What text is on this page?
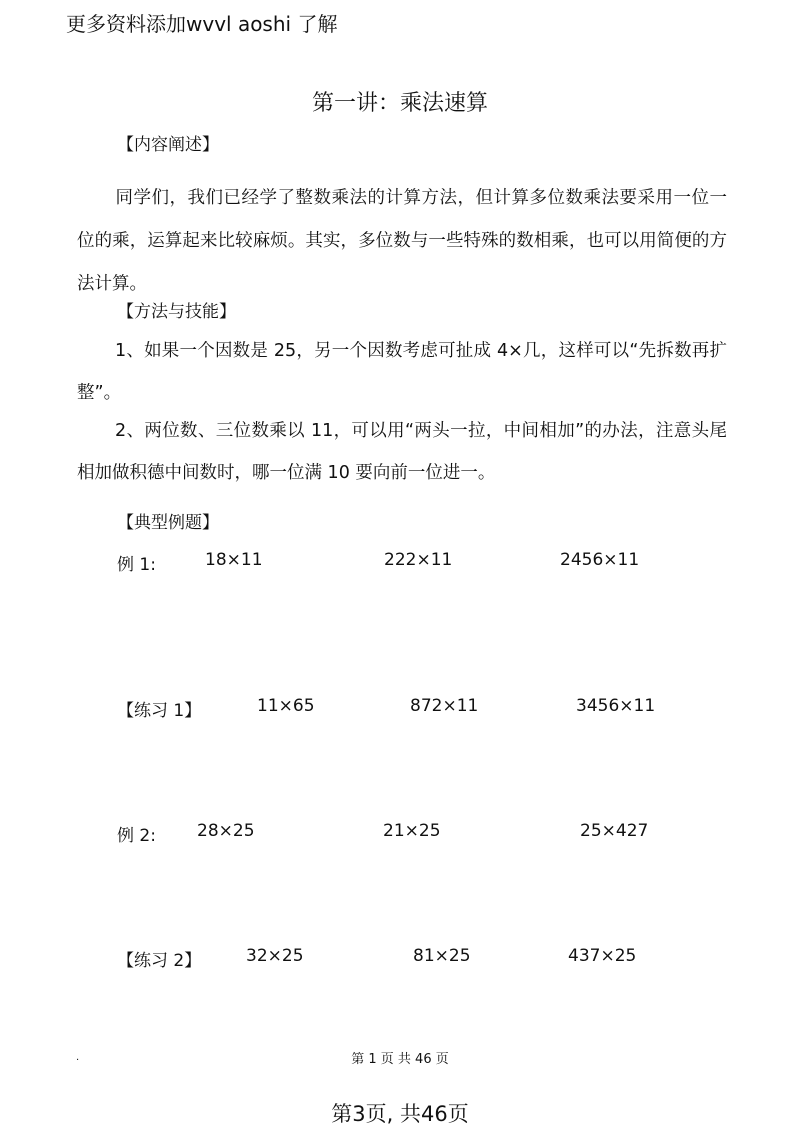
更多资料添加wvvl aoshi 了解
第一讲：乘法速算
【内容阐述】
同学们，我们已经学了整数乘法的计算方法，但计算多位数乘法要采用一位一位的乘，运算起来比较麻烦。其实，多位数与一些特殊的数相乘，也可以用简便的方法计算。
【方法与技能】
1、如果一个因数是 25，另一个因数考虑可扯成 4×几，这样可以“先拆数再扩整”。
2、两位数、三位数乘以 11，可以用“两头一拉，中间相加”的办法，注意头尾相加做积德中间数时，哪一位满 10 要向前一位进一。
【典型例题】
例 1:	18×11	222×11	2456×11
【练习 1】	11×65	872×11	3456×11
例 2: 28×25	21×25	25×427
【练习 2】	32×25	81×25	437×25
.	第 1 页 共 46 页
第3页, 共46页
